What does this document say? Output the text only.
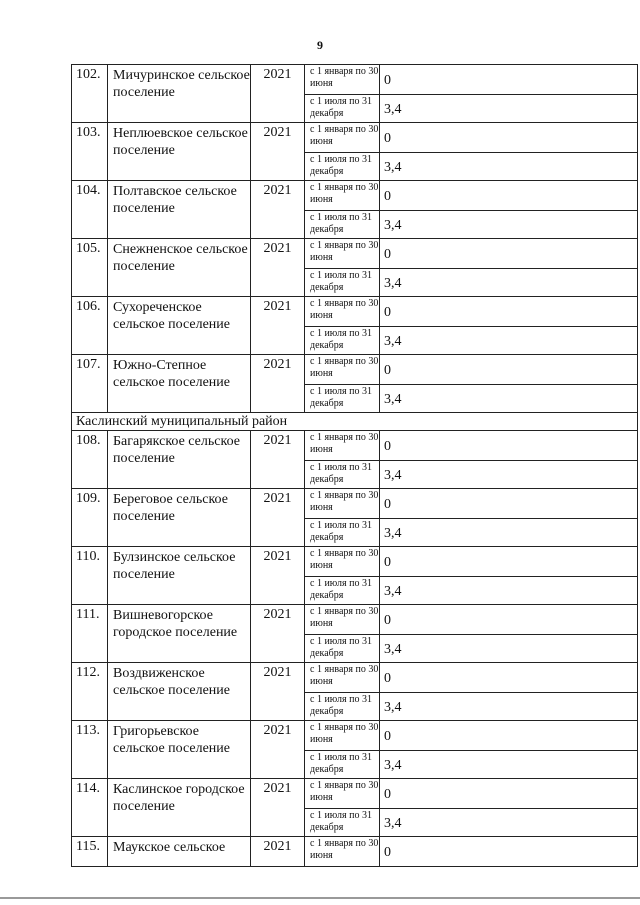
9
102.	Мичуринское сельское поселение	2021	с 1 января по 30 июня	0
			с 1 июля по 31 декабря	3,4
103.	Неплюевское сельское поселение	2021	с 1 января по 30 июня	0
			с 1 июля по 31 декабря	3,4
104.	Полтавское сельское поселение	2021	с 1 января по 30 июня	0
			с 1 июля по 31 декабря	3,4
105.	Снежненское сельское поселение	2021	с 1 января по 30 июня	0
			с 1 июля по 31 декабря	3,4
106.	Сухореченское сельское поселение	2021	с 1 января по 30 июня	0
			с 1 июля по 31 декабря	3,4
107.	Южно-Степное сельское поселение	2021	с 1 января по 30 июня	0
			с 1 июля по 31 декабря	3,4
Каслинский муниципальный район				
108.	Багарякское сельское поселение	2021	с 1 января по 30 июня	0
			с 1 июля по 31 декабря	3,4
109.	Береговое сельское поселение	2021	с 1 января по 30 июня	0
			с 1 июля по 31 декабря	3,4
110.	Булзинское сельское поселение	2021	с 1 января по 30 июня	0
			с 1 июля по 31 декабря	3,4
111.	Вишневогорское городское поселение	2021	с 1 января по 30 июня	0
			с 1 июля по 31 декабря	3,4
112.	Воздвиженское сельское поселение	2021	с 1 января по 30 июня	0
			с 1 июля по 31 декабря	3,4
113.	Григорьевское сельское поселение	2021	с 1 января по 30 июня	0
			с 1 июля по 31 декабря	3,4
114.	Каслинское городское поселение	2021	с 1 января по 30 июня	0
			с 1 июля по 31 декабря	3,4
115.	Маукское сельское	2021	с 1 января по 30 июня	0
